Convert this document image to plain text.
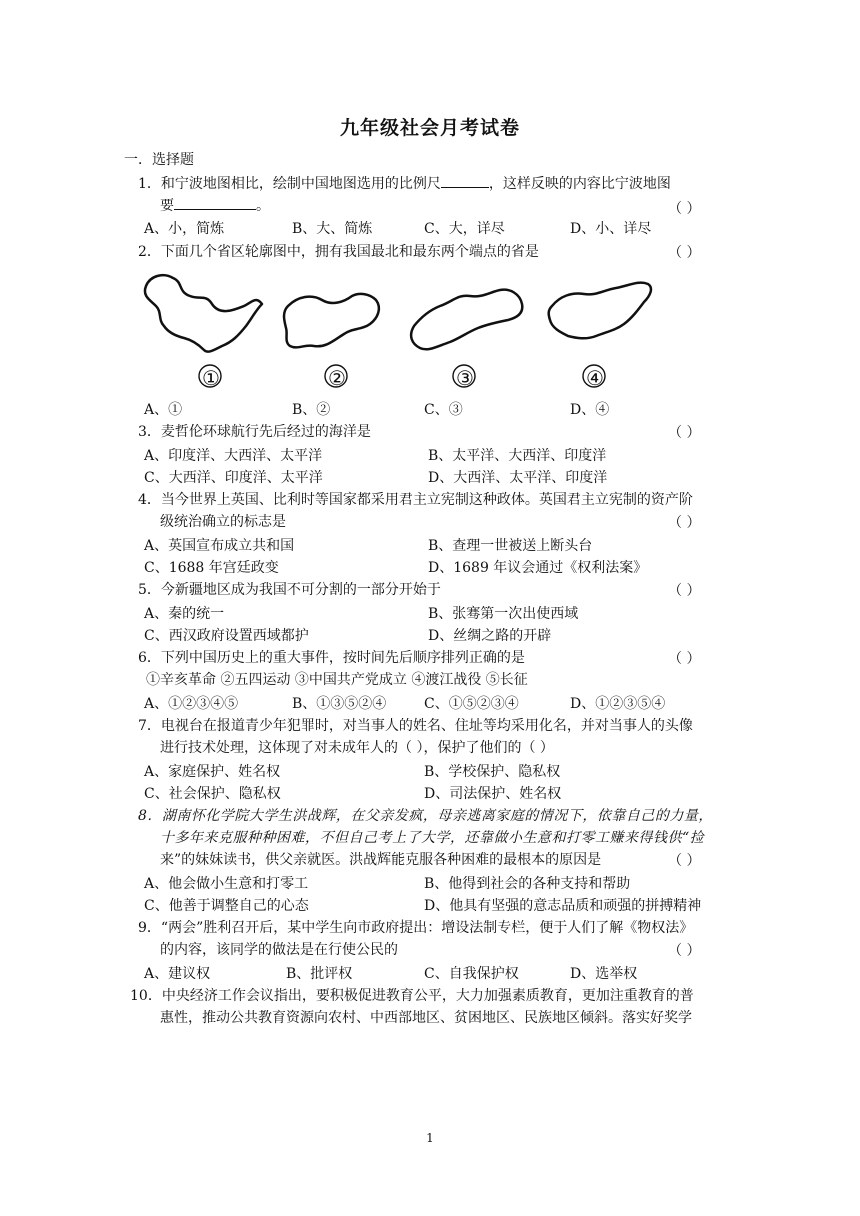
九年级社会月考试卷
一．选择题
1．和宁波地图相比，绘制中国地图选用的比例尺	，这样反映的内容比宁波地图
要	。	（ ）
A、小，简炼	B、大、简炼	C、大，详尽	D、小、详尽
2．下面几个省区轮廓图中，拥有我国最北和最东两个端点的省是	（ ）
①	②	③	④
A、①	B、②	C、③	D、④
3．麦哲伦环球航行先后经过的海洋是	（ ）
A、印度洋、大西洋、太平洋	B、太平洋、大西洋、印度洋
C、大西洋、印度洋、太平洋	D、大西洋、太平洋、印度洋
4．当今世界上英国、比利时等国家都采用君主立宪制这种政体。英国君主立宪制的资产阶
级统治确立的标志是	（ ）
A、英国宣布成立共和国	B、查理一世被送上断头台
C、1688 年宫廷政变	D、1689 年议会通过《权利法案》
5．今新疆地区成为我国不可分割的一部分开始于	（ ）
A、秦的统一	B、张骞第一次出使西域
C、西汉政府设置西域都护	D、丝绸之路的开辟
6．下列中国历史上的重大事件，按时间先后顺序排列正确的是	（ ）
①辛亥革命 ②五四运动 ③中国共产党成立 ④渡江战役 ⑤长征
A、①②③④⑤	B、①③⑤②④	C、①⑤②③④	D、①②③⑤④
7．电视台在报道青少年犯罪时，对当事人的姓名、住址等均采用化名，并对当事人的头像
进行技术处理，这体现了对未成年人的（ ），保护了他们的（ ）
A、家庭保护、姓名权	B、学校保护、隐私权
C、社会保护、隐私权	D、司法保护、姓名权
8．湖南怀化学院大学生洪战辉，在父亲发疯，母亲逃离家庭的情况下，依靠自己的力量，
十多年来克服种种困难，不但自己考上了大学，还靠做小生意和打零工赚来得钱供“捡
来”的妹妹读书，供父亲就医。洪战辉能克服各种困难的最根本的原因是	（ ）
A、他会做小生意和打零工	B、他得到社会的各种支持和帮助
C、他善于调整自己的心态	D、他具有坚强的意志品质和顽强的拼搏精神
9．“两会”胜利召开后，某中学生向市政府提出：增设法制专栏，便于人们了解《物权法》
的内容，该同学的做法是在行使公民的	（ ）
A、建议权	B、批评权	C、自我保护权	D、选举权
10．中央经济工作会议指出，要积极促进教育公平，大力加强素质教育，更加注重教育的普
惠性，推动公共教育资源向农村、中西部地区、贫困地区、民族地区倾斜。落实好奖学
1
